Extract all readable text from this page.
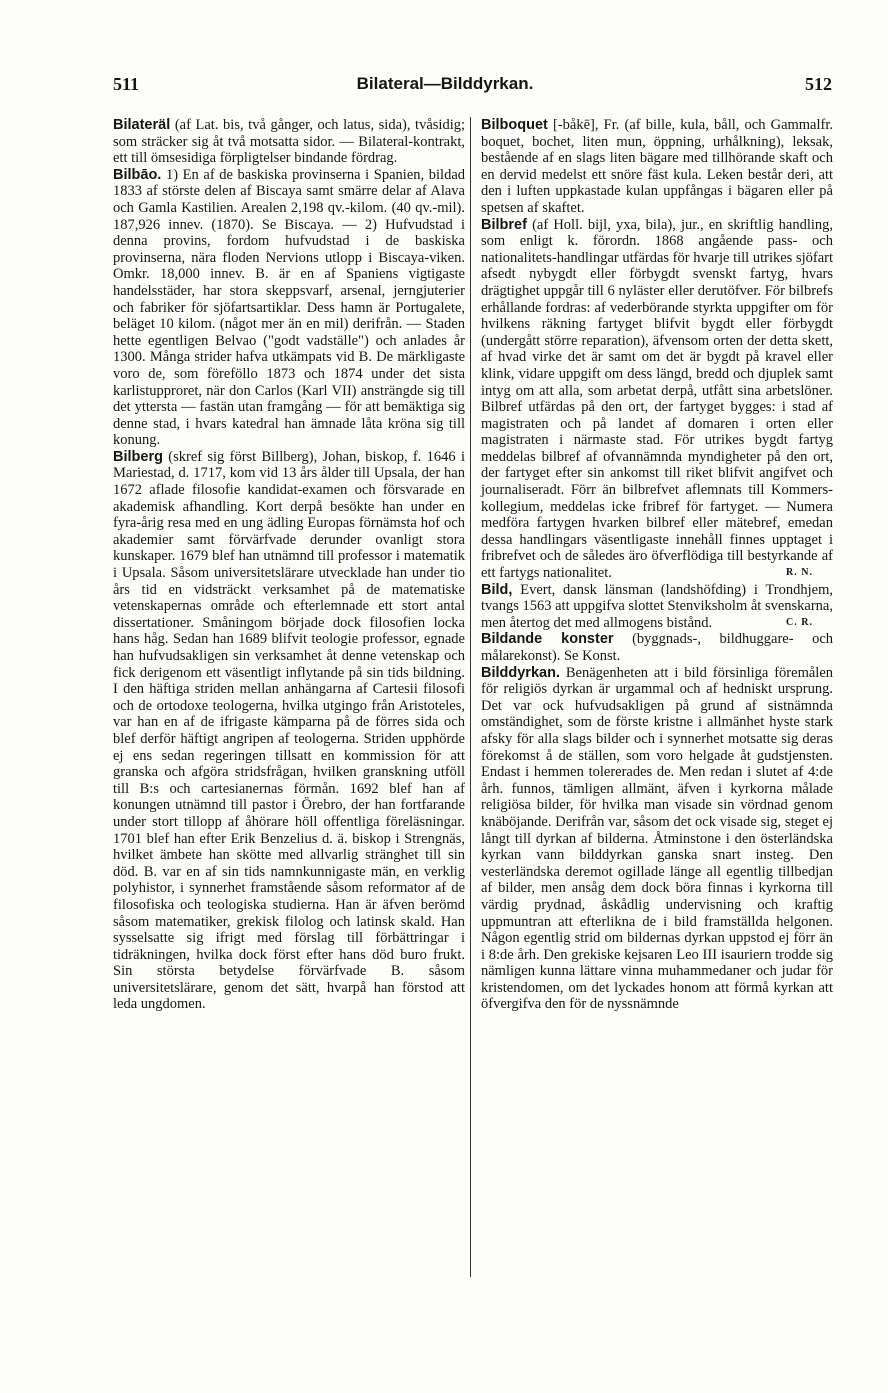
511	Bilateral—Bilddyrkan.	512

Bilateräl (af Lat. bis, två gånger, och latus, sida), tvåsidig; som sträcker sig åt två motsatta sidor. — Bilateral-kontrakt, ett till ömsesidiga förpligtelser bindande fördrag.

Bilbāo. 1) En af de baskiska provinserna i Spanien, bildad 1833 af störste delen af Biscaya samt smärre delar af Alava och Gamla Kastilien. Arealen 2,198 qv.-kilom. (40 qv.-mil). 187,926 innev. (1870). Se Biscaya. — 2) Hufvudstad i denna provins, fordom hufvudstad i de baskiska provinserna, nära floden Nervions utlopp i Biscaya-viken. Omkr. 18,000 innev. B. är en af Spaniens vigtigaste handelsstäder, har stora skeppsvarf, arsenal, jerngjuterier och fabriker för sjöfartsartiklar. Dess hamn är Portugalete, beläget 10 kilom. (något mer än en mil) derifrån. — Staden hette egentligen Belvao ("godt vadställe") och anlades år 1300. Många strider hafva utkämpats vid B. De märkligaste voro de, som föreföllo 1873 och 1874 under det sista karlistupproret, när don Carlos (Karl VII) ansträngde sig till det yttersta — fastän utan framgång — för att bemäktiga sig denne stad, i hvars katedral han ämnade låta kröna sig till konung.

Bilberg (skref sig först Billberg), Johan, biskop, f. 1646 i Mariestad, d. 1717, kom vid 13 års ålder till Upsala, der han 1672 aflade filosofie kandidat-examen och försvarade en akademisk afhandling. Kort derpå besökte han under en fyra-årig resa med en ung ädling Europas förnämsta hof och akademier samt förvärfvade derunder ovanligt stora kunskaper. 1679 blef han utnämnd till professor i matematik i Upsala. Såsom universitetslärare utvecklade han under tio års tid en vidsträckt verksamhet på de matematiske vetenskapernas område och efterlemnade ett stort antal dissertationer. Småningom började dock filosofien locka hans håg. Sedan han 1689 blifvit teologie professor, egnade han hufvudsakligen sin verksamhet åt denne vetenskap och fick derigenom ett väsentligt inflytande på sin tids bildning. I den häftiga striden mellan anhängarna af Cartesii filosofi och de ortodoxe teologerna, hvilka utgingo från Aristoteles, var han en af de ifrigaste kämparna på de förres sida och blef derför häftigt angripen af teologerna. Striden upphörde ej ens sedan regeringen tillsatt en kommission för att granska och afgöra stridsfrågan, hvilken granskning utföll till B:s och cartesianernas förmån. 1692 blef han af konungen utnämnd till pastor i Örebro, der han fortfarande under stort tillopp af åhörare höll offentliga föreläsningar. 1701 blef han efter Erik Benzelius d. ä. biskop i Strengnäs, hvilket ämbete han skötte med allvarlig stränghet till sin död. B. var en af sin tids namnkunnigaste män, en verklig polyhistor, i synnerhet framstående såsom reformator af de filosofiska och teologiska studierna. Han är äfven berömd såsom matematiker, grekisk filolog och latinsk skald. Han sysselsatte sig ifrigt med förslag till förbättringar i tidräkningen, hvilka dock först efter hans död buro frukt. Sin största betydelse förvärfvade B. såsom universitetslärare, genom det sätt, hvarpå han förstod att leda ungdomen.

Bilboquet [-båkē], Fr. (af bille, kula, båll, och Gammalfr. boquet, bochet, liten mun, öppning, urhålkning), leksak, bestående af en slags liten bägare med tillhörande skaft och en dervid medelst ett snöre fäst kula. Leken består deri, att den i luften uppkastade kulan uppfångas i bägaren eller på spetsen af skaftet.

Bilbref (af Holl. bijl, yxa, bila), jur., en skriftlig handling, som enligt k. förordn. 1868 angående pass- och nationalitets-handlingar utfärdas för hvarje till utrikes sjöfart afsedt nybygdt eller förbygdt svenskt fartyg, hvars drägtighet uppgår till 6 nyläster eller derutöfver. För bilbrefs erhållande fordras: af vederbörande styrkta uppgifter om för hvilkens räkning fartyget blifvit bygdt eller förbygdt (undergått större reparation), äfvensom orten der detta skett, af hvad virke det är samt om det är bygdt på kravel eller klink, vidare uppgift om dess längd, bredd och djuplek samt intyg om att alla, som arbetat derpå, utfått sina arbetslöner. Bilbref utfärdas på den ort, der fartyget bygges: i stad af magistraten och på landet af domaren i orten eller magistraten i närmaste stad. För utrikes bygdt fartyg meddelas bilbref af ofvannämnda myndigheter på den ort, der fartyget efter sin ankomst till riket blifvit angifvet och journaliseradt. Förr än bilbrefvet aflemnats till Kommers-kollegium, meddelas icke fribref för fartyget. — Numera medföra fartygen hvarken bilbref eller mätebref, emedan dessa handlingars väsentligaste innehåll finnes upptaget i fribrefvet och de således äro öfverflödiga till bestyrkande af ett fartygs nationalitet.	R. N.

Bild, Evert, dansk länsman (landshöfding) i Trondhjem, tvangs 1563 att uppgifva slottet Stenviksholm åt svenskarna, men återtog det med allmogens bistånd.	C. R.

Bildande konster (byggnads-, bildhuggare- och målarekonst). Se Konst.

Bilddyrkan. Benägenheten att i bild försinliga föremålen för religiös dyrkan är urgammal och af hedniskt ursprung. Det var ock hufvudsakligen på grund af sistnämnda omständighet, som de förste kristne i allmänhet hyste stark afsky för alla slags bilder och i synnerhet motsatte sig deras förekomst å de ställen, som voro helgade åt gudstjensten. Endast i hemmen tolererades de. Men redan i slutet af 4:de årh. funnos, tämligen allmänt, äfven i kyrkorna målade religiösa bilder, för hvilka man visade sin vördnad genom knäböjande. Derifrån var, såsom det ock visade sig, steget ej långt till dyrkan af bilderna. Åtminstone i den österländska kyrkan vann bilddyrkan ganska snart insteg. Den vesterländska deremot ogillade länge all egentlig tillbedjan af bilder, men ansåg dem dock böra finnas i kyrkorna till värdig prydnad, åskådlig undervisning och kraftig uppmuntran att efterlikna de i bild framställda helgonen. Någon egentlig strid om bildernas dyrkan uppstod ej förr än i 8:de årh. Den grekiske kejsaren Leo III isauriern trodde sig nämligen kunna lättare vinna muhammedaner och judar för kristendomen, om det lyckades honom att förmå kyrkan att öfvergifva den för de nyssnämnde
